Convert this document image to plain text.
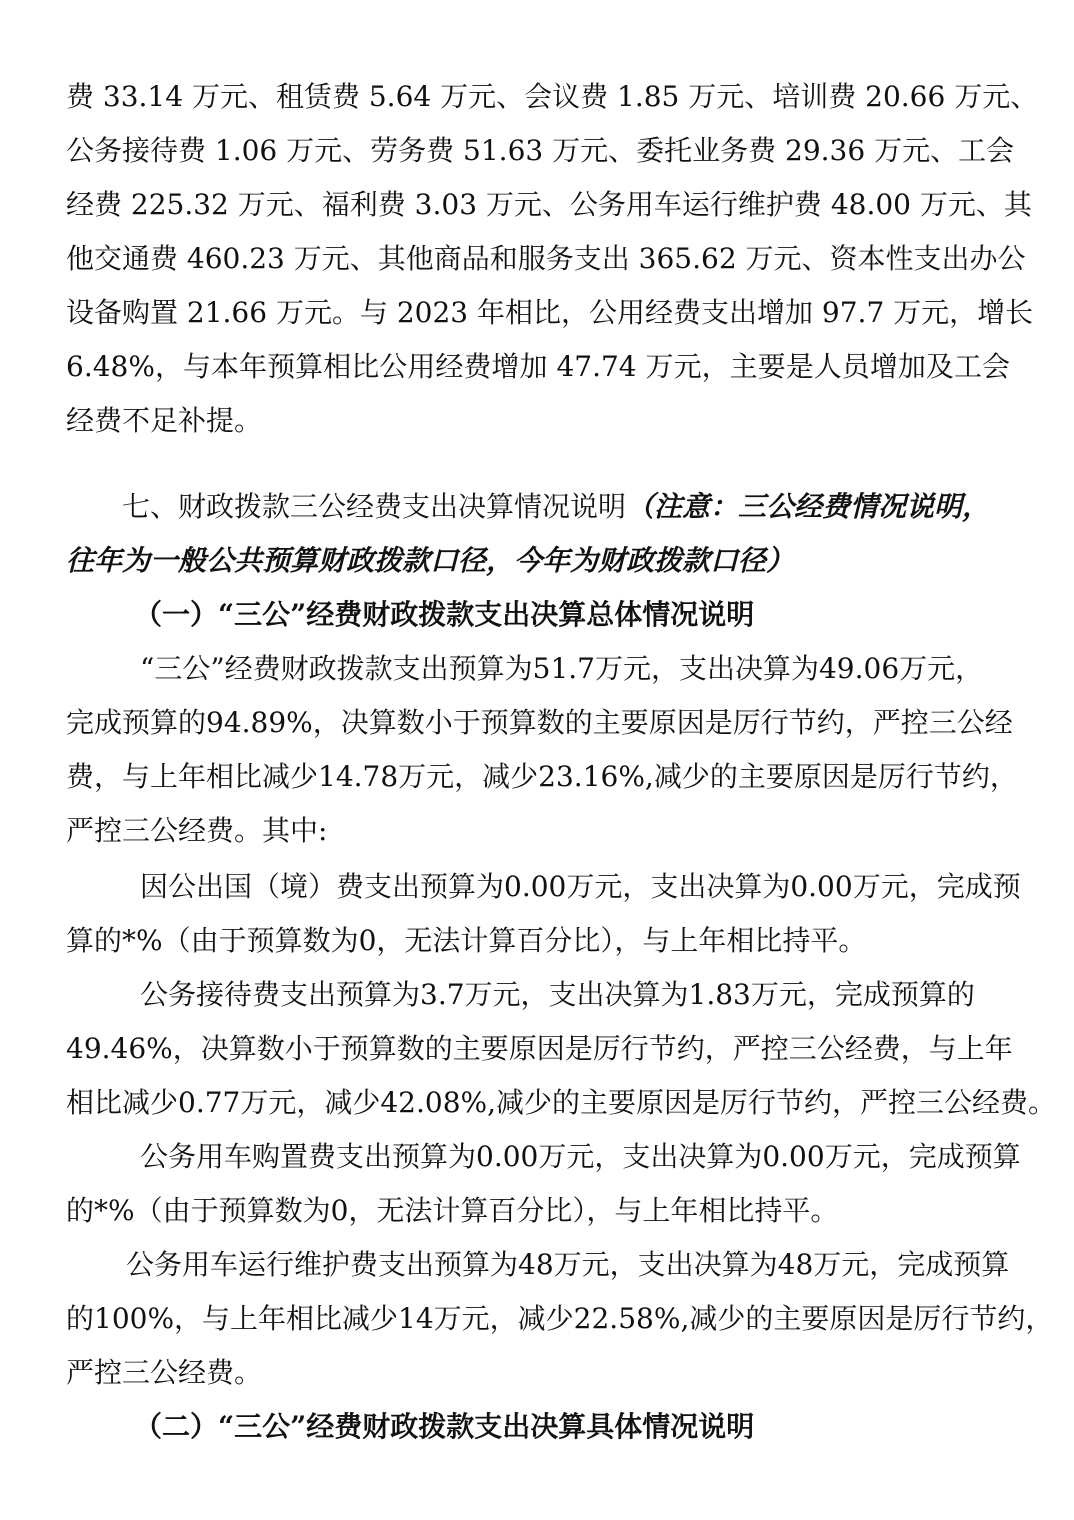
费 33.14 万元、租赁费 5.64 万元、会议费 1.85 万元、培训费 20.66 万元、
公务接待费 1.06 万元、劳务费 51.63 万元、委托业务费 29.36 万元、工会
经费 225.32 万元、福利费 3.03 万元、公务用车运行维护费 48.00 万元、其
他交通费 460.23 万元、其他商品和服务支出 365.62 万元、资本性支出办公
设备购置 21.66 万元。与 2023 年相比，公用经费支出增加 97.7 万元，增长
6.48%，与本年预算相比公用经费增加 47.74 万元，主要是人员增加及工会
经费不足补提。
七、财政拨款三公经费支出决算情况说明（注意：三公经费情况说明，
往年为一般公共预算财政拨款口径，今年为财政拨款口径）
（一）“三公”经费财政拨款支出决算总体情况说明
“三公”经费财政拨款支出预算为51.7万元，支出决算为49.06万元，
完成预算的94.89%，决算数小于预算数的主要原因是厉行节约，严控三公经
费，与上年相比减少14.78万元，减少23.16%,减少的主要原因是厉行节约，
严控三公经费。其中:
因公出国（境）费支出预算为0.00万元，支出决算为0.00万元，完成预
算的*%（由于预算数为0，无法计算百分比），与上年相比持平。
公务接待费支出预算为3.7万元，支出决算为1.83万元，完成预算的
49.46%，决算数小于预算数的主要原因是厉行节约，严控三公经费，与上年
相比减少0.77万元，减少42.08%,减少的主要原因是厉行节约，严控三公经费。
公务用车购置费支出预算为0.00万元，支出决算为0.00万元，完成预算
的*%（由于预算数为0，无法计算百分比），与上年相比持平。
公务用车运行维护费支出预算为48万元，支出决算为48万元，完成预算
的100%，与上年相比减少14万元，减少22.58%,减少的主要原因是厉行节约，
严控三公经费。
（二）“三公”经费财政拨款支出决算具体情况说明
